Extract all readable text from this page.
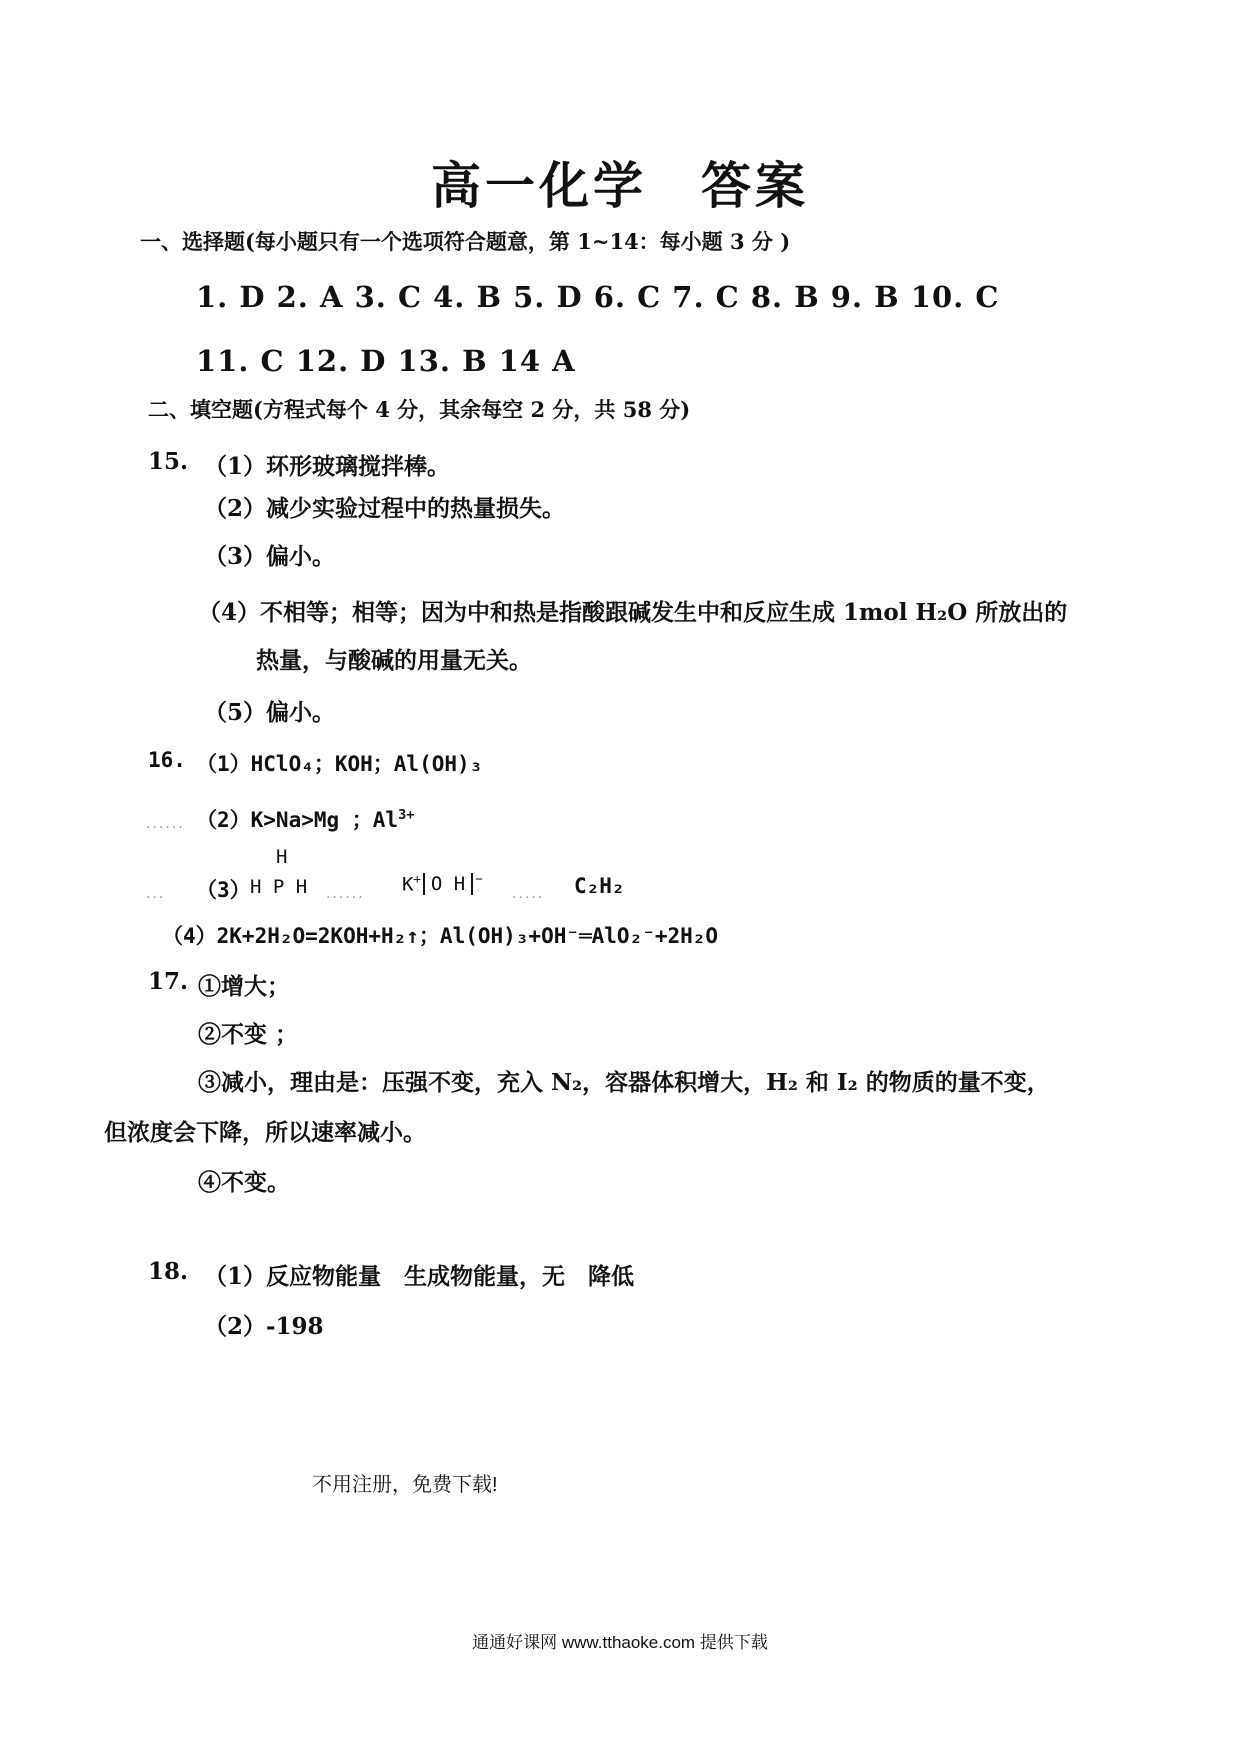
高一化学　答案
一、选择题(每小题只有一个选项符合题意，第 1~14：每小题 3 分 )
1. D 2. A 3. C 4. B 5. D 6. C 7. C 8. B 9. B 10. C
11. C 12. D 13. B 14 A
二、填空题(方程式每个 4 分，其余每空 2 分，共 58 分)
15. （1）环形玻璃搅拌棒。
（2）减少实验过程中的热量损失。
（3）偏小。
（4）不相等；相等；因为中和热是指酸跟碱发生中和反应生成 1mol H₂O 所放出的
热量，与酸碱的用量无关。
（5）偏小。
16. （1）HClO₄；KOH；Al(OH)₃
...... （2）K>Na>Mg ；$Al^{3+}$
H
... （3） H P H ...... K+ O H −
..... C₂H₂
（4）2K+2H₂O=2KOH+H₂↑；Al(OH)₃+OH⁻═AlO₂⁻+2H₂O
17. ①增大；
②不变 ；
③减小，理由是：压强不变，充入 N₂，容器体积增大，H₂ 和 I₂ 的物质的量不变，
但浓度会下降，所以速率减小。
④不变。
18. （1）反应物能量　生成物能量，无　降低
（2）-198
不用注册，免费下载!
通通好课网 www.tthaoke.com 提供下载
